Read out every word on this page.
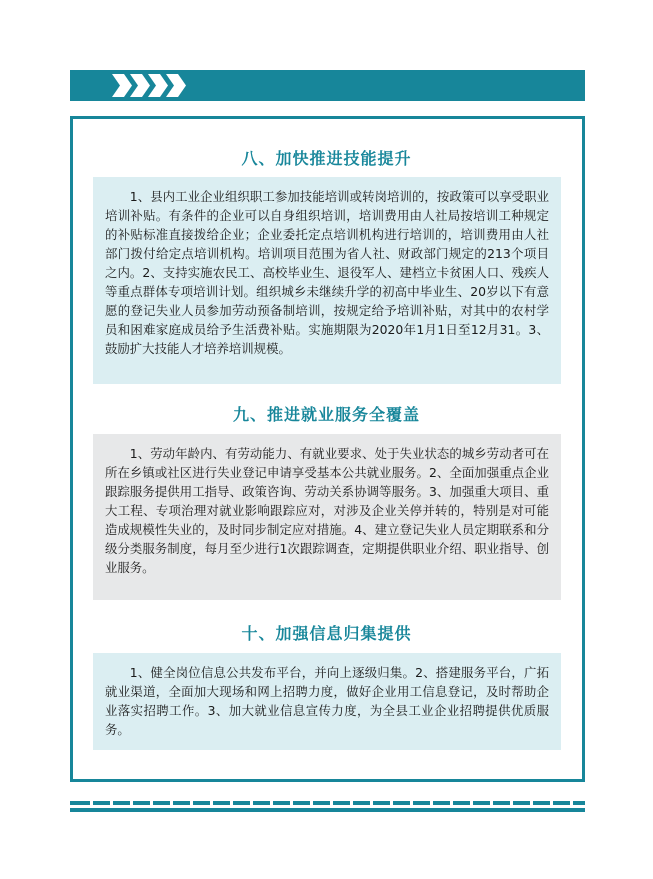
八、加快推进技能提升

1、县内工业企业组织职工参加技能培训或转岗培训的，按政策可以享受职业培训补贴。有条件的企业可以自身组织培训，培训费用由人社局按培训工种规定的补贴标准直接拨给企业；企业委托定点培训机构进行培训的，培训费用由人社部门拨付给定点培训机构。培训项目范围为省人社、财政部门规定的213个项目之内。2、支持实施农民工、高校毕业生、退役军人、建档立卡贫困人口、残疾人等重点群体专项培训计划。组织城乡未继续升学的初高中毕业生、20岁以下有意愿的登记失业人员参加劳动预备制培训，按规定给予培训补贴，对其中的农村学员和困难家庭成员给予生活费补贴。实施期限为2020年1月1日至12月31。3、鼓励扩大技能人才培养培训规模。

九、推进就业服务全覆盖

1、劳动年龄内、有劳动能力、有就业要求、处于失业状态的城乡劳动者可在所在乡镇或社区进行失业登记申请享受基本公共就业服务。2、全面加强重点企业跟踪服务提供用工指导、政策咨询、劳动关系协调等服务。3、加强重大项目、重大工程、专项治理对就业影响跟踪应对，对涉及企业关停并转的，特别是对可能造成规模性失业的，及时同步制定应对措施。4、建立登记失业人员定期联系和分级分类服务制度，每月至少进行1次跟踪调查，定期提供职业介绍、职业指导、创业服务。

十、加强信息归集提供

1、健全岗位信息公共发布平台，并向上逐级归集。2、搭建服务平台，广拓就业渠道，全面加大现场和网上招聘力度，做好企业用工信息登记，及时帮助企业落实招聘工作。3、加大就业信息宣传力度，为全县工业企业招聘提供优质服务。
